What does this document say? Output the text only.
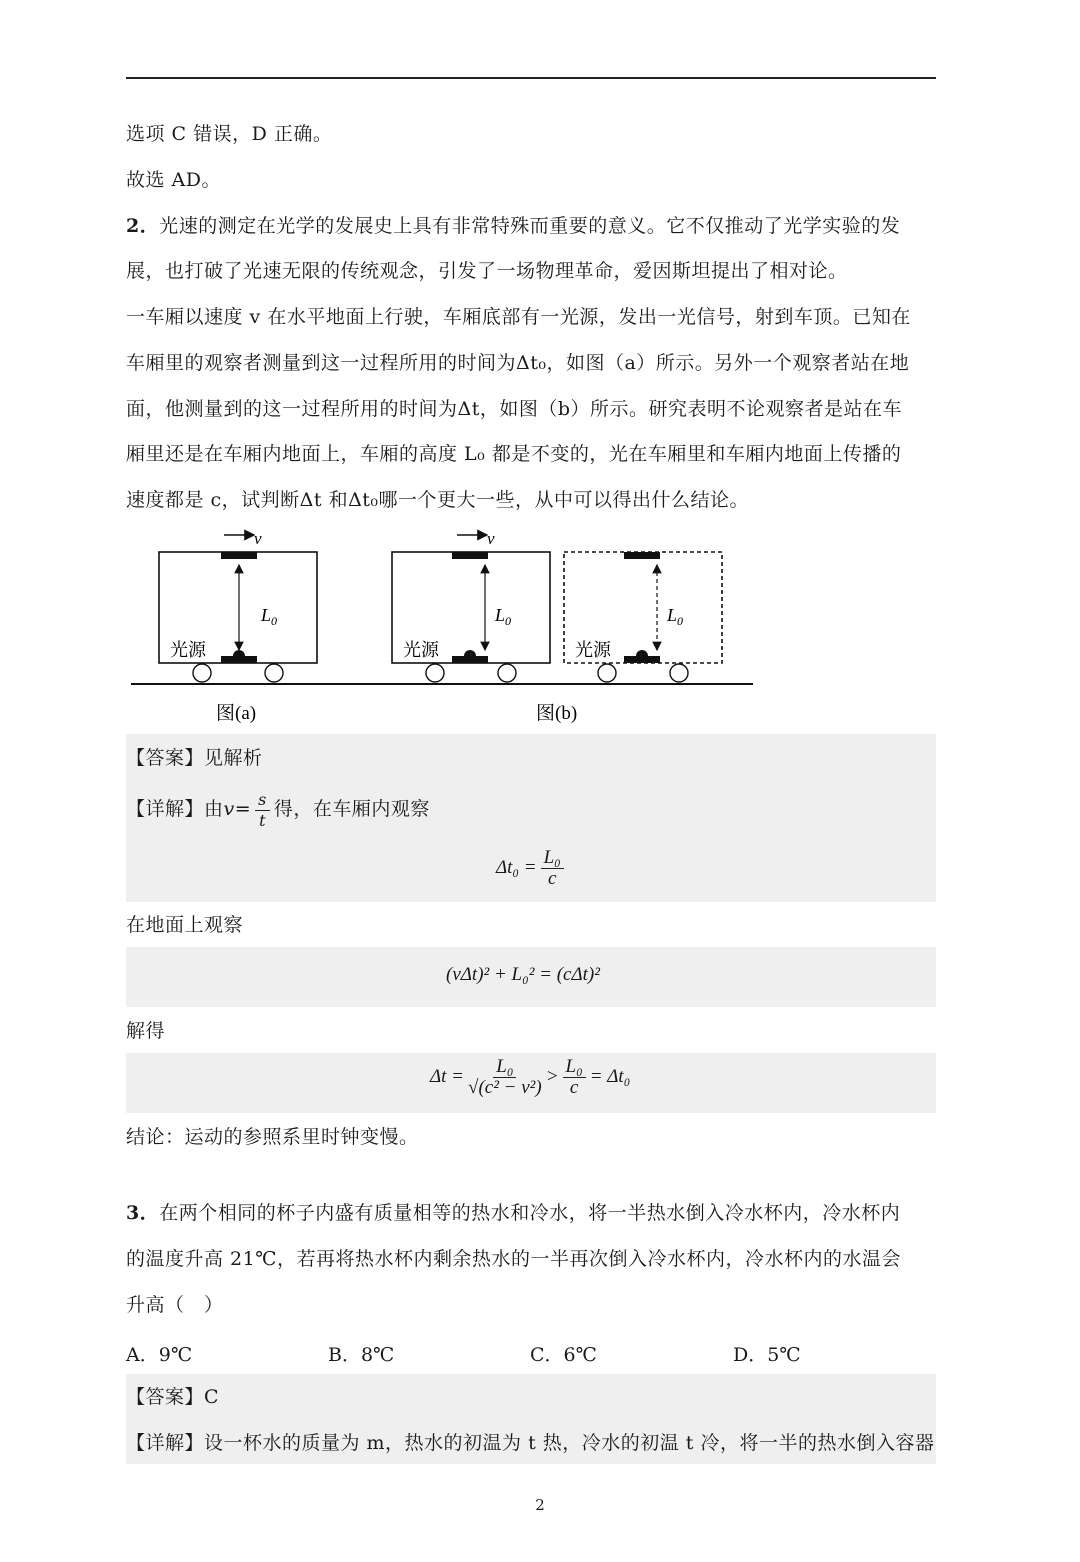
选项 C 错误，D 正确。
故选 AD。
2．光速的测定在光学的发展史上具有非常特殊而重要的意义。它不仅推动了光学实验的发
展，也打破了光速无限的传统观念，引发了一场物理革命，爱因斯坦提出了相对论。
一车厢以速度 v 在水平地面上行驶，车厢底部有一光源，发出一光信号，射到车顶。已知在
车厢里的观察者测量到这一过程所用的时间为Δt₀，如图（a）所示。另外一个观察者站在地
面，他测量到的这一过程所用的时间为Δt，如图（b）所示。研究表明不论观察者是站在车
厢里还是在车厢内地面上，车厢的高度 L₀ 都是不变的，光在车厢里和车厢内地面上传播的
速度都是 c，试判断Δt 和Δt₀哪一个更大一些，从中可以得出什么结论。
v
$L_0$
光源
v
$L_0$
光源
$L_0$
光源
图(a)	图(b)
【答案】见解析
【详解】由$v= \frac{s}{t}$ 得，在车厢内观察
$\Delta t_0 = \frac{\text{L₀}}{c}$
在地面上观察
(vΔt)² + L₀² = (cΔt)²
解得
$\Delta t = \frac{\text{L₀}}{\text{√(c² − v²)}} > \frac{\text{L₀}}{c} = \Delta t_0$
结论：运动的参照系里时钟变慢。
3．在两个相同的杯子内盛有质量相等的热水和冷水，将一半热水倒入冷水杯内，冷水杯内
的温度升高 21℃，若再将热水杯内剩余热水的一半再次倒入冷水杯内，冷水杯内的水温会
升高（　）
A．9℃	B．8℃	C．6℃	D．5℃
【答案】C
【详解】设一杯水的质量为 m，热水的初温为 t 热，冷水的初温 t 冷，将一半的热水倒入容器
2
